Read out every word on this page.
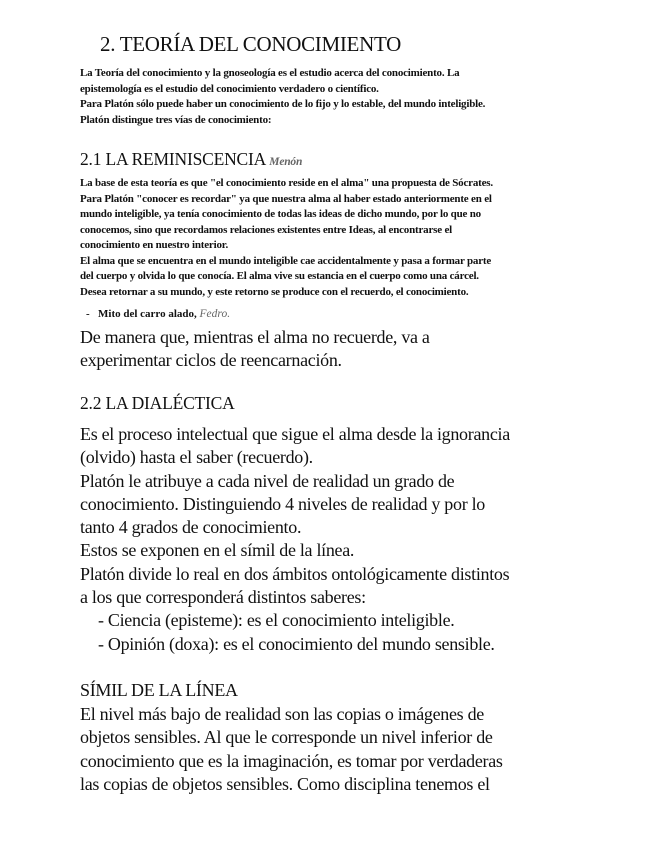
2. TEORÍA DEL CONOCIMIENTO
La Teoría del conocimiento y la gnoseología es el estudio acerca del conocimiento. La
epistemología es el estudio del conocimiento verdadero o científico.
Para Platón sólo puede haber un conocimiento de lo fijo y lo estable, del mundo inteligible.
Platón distingue tres vías de conocimiento:
2.1 LA REMINISCENCIA Menón
La base de esta teoría es que "el conocimiento reside en el alma" una propuesta de Sócrates.
Para Platón "conocer es recordar" ya que nuestra alma al haber estado anteriormente en el
mundo inteligible, ya tenía conocimiento de todas las ideas de dicho mundo, por lo que no
conocemos, sino que recordamos relaciones existentes entre Ideas, al encontrarse el
conocimiento en nuestro interior.
El alma que se encuentra en el mundo inteligible cae accidentalmente y pasa a formar parte
del cuerpo y olvida lo que conocía. El alma vive su estancia en el cuerpo como una cárcel.
Desea retornar a su mundo, y este retorno se produce con el recuerdo, el conocimiento.
- Mito del carro alado, Fedro.
De manera que, mientras el alma no recuerde, va a
experimentar ciclos de reencarnación.
2.2 LA DIALÉCTICA
Es el proceso intelectual que sigue el alma desde la ignorancia
(olvido) hasta el saber (recuerdo).
Platón le atribuye a cada nivel de realidad un grado de
conocimiento. Distinguiendo 4 niveles de realidad y por lo
tanto 4 grados de conocimiento.
Estos se exponen en el símil de la línea.
Platón divide lo real en dos ámbitos ontológicamente distintos
a los que corresponderá distintos saberes:
- Ciencia (episteme): es el conocimiento inteligible.
- Opinión (doxa): es el conocimiento del mundo sensible.
SÍMIL DE LA LÍNEA
El nivel más bajo de realidad son las copias o imágenes de
objetos sensibles. Al que le corresponde un nivel inferior de
conocimiento que es la imaginación, es tomar por verdaderas
las copias de objetos sensibles. Como disciplina tenemos el
